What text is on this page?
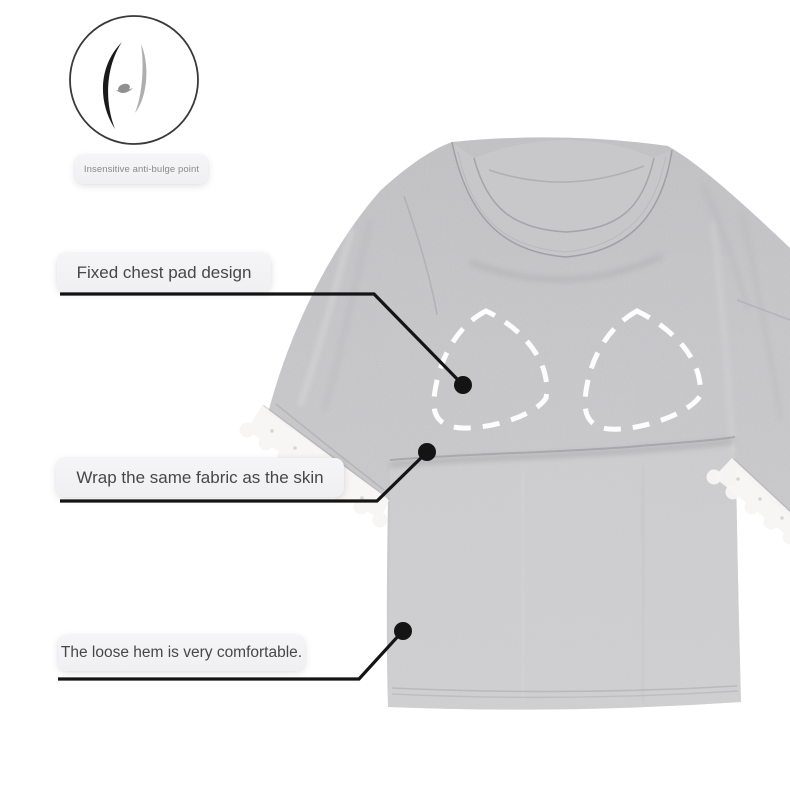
Insensitive anti-bulge point
Fixed chest pad design
Wrap the same fabric as the skin
The loose hem is very comfortable.
